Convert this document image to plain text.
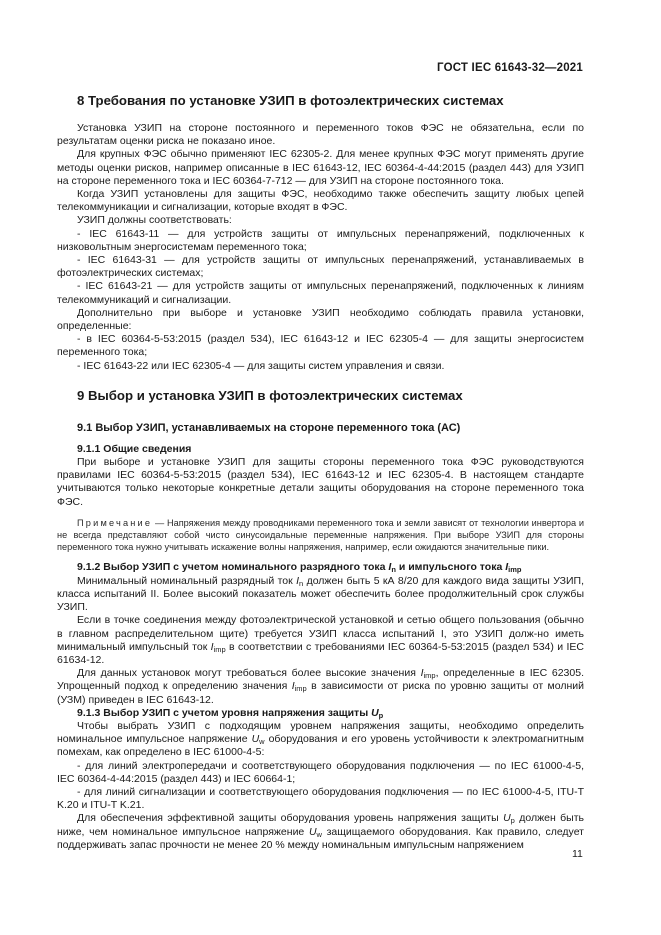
ГОСТ IEC 61643-32—2021
8 Требования по установке УЗИП в фотоэлектрических системах

Установка УЗИП на стороне постоянного и переменного токов ФЭС не обязательна, если по результатам оценки риска не показано иное.

Для крупных ФЭС обычно применяют IEC 62305-2. Для менее крупных ФЭС могут применять другие методы оценки рисков, например описанные в IEC 61643-12, IEC 60364-4-44:2015 (раздел 443) для УЗИП на стороне переменного тока и IEC 60364-7-712 — для УЗИП на стороне постоянного тока.

Когда УЗИП установлены для защиты ФЭС, необходимо также обеспечить защиту любых цепей телекоммуникации и сигнализации, которые входят в ФЭС.

УЗИП должны соответствовать:

- IEC 61643-11 — для устройств защиты от импульсных перенапряжений, подключенных к низковольтным энергосистемам переменного тока;

- IEC 61643-31 — для устройств защиты от импульсных перенапряжений, устанавливаемых в фотоэлектрических системах;

- IEC 61643-21 — для устройств защиты от импульсных перенапряжений, подключенных к линиям телекоммуникаций и сигнализации.

Дополнительно при выборе и установке УЗИП необходимо соблюдать правила установки, определенные:

- в IEC 60364-5-53:2015 (раздел 534), IEC 61643-12 и IEC 62305-4 — для защиты энергосистем переменного тока;

- IEC 61643-22 или IEC 62305-4 — для защиты систем управления и связи.

9 Выбор и установка УЗИП в фотоэлектрических системах
9.1 Выбор УЗИП, устанавливаемых на стороне переменного тока (АС)
9.1.1 Общие сведения

При выборе и установке УЗИП для защиты стороны переменного тока ФЭС руководствуются правилами IEC 60364-5-53:2015 (раздел 534), IEC 61643-12 и IEC 62305-4. В настоящем стандарте учитываются только некоторые конкретные детали защиты оборудования на стороне переменного тока ФЭС.

Примечание — Напряжения между проводниками переменного тока и земли зависят от технологии инвертора и не всегда представляют собой чисто синусоидальные переменные напряжения. При выборе УЗИП для стороны переменного тока нужно учитывать искажение волны напряжения, например, если ожидаются значительные пики.

9.1.2 Выбор УЗИП с учетом номинального разрядного тока $I_n$ и импульсного тока $I_{imp}$

Минимальный номинальный разрядный ток $I_n$ должен быть 5 кА 8/20 для каждого вида защиты УЗИП, класса испытаний II. Более высокий показатель может обеспечить более продолжительный срок службы УЗИП.

Если в точке соединения между фотоэлектрической установкой и сетью общего пользования (обычно в главном распределительном щите) требуется УЗИП класса испытаний I, это УЗИП долж-но иметь минимальный импульсный ток $I_{imp}$ в соответствии с требованиями IEC 60364-5-53:2015 (раздел 534) и IEC 61634-12.

Для данных установок могут требоваться более высокие значения $I_{imp}$, определенные в IEC 62305. Упрощенный подход к определению значения $I_{imp}$ в зависимости от риска по уровню защиты от молний (УЗМ) приведен в IEC 61643-12.

9.1.3 Выбор УЗИП с учетом уровня напряжения защиты $U_p$

Чтобы выбрать УЗИП с подходящим уровнем напряжения защиты, необходимо определить номинальное импульсное напряжение $U_w$ оборудования и его уровень устойчивости к электромагнитным помехам, как определено в IEC 61000-4-5:

- для линий электропередачи и соответствующего оборудования подключения — по IEC 61000-4-5, IEC 60364-4-44:2015 (раздел 443) и IEC 60664-1;

- для линий сигнализации и соответствующего оборудования подключения — по IEC 61000-4-5, ITU-T K.20 и ITU-T K.21.

Для обеспечения эффективной защиты оборудования уровень напряжения защиты $U_p$ должен быть ниже, чем номинальное импульсное напряжение $U_w$ защищаемого оборудования. Как правило, следует поддерживать запас прочности не менее 20 % между номинальным импульсным напряжением

11
